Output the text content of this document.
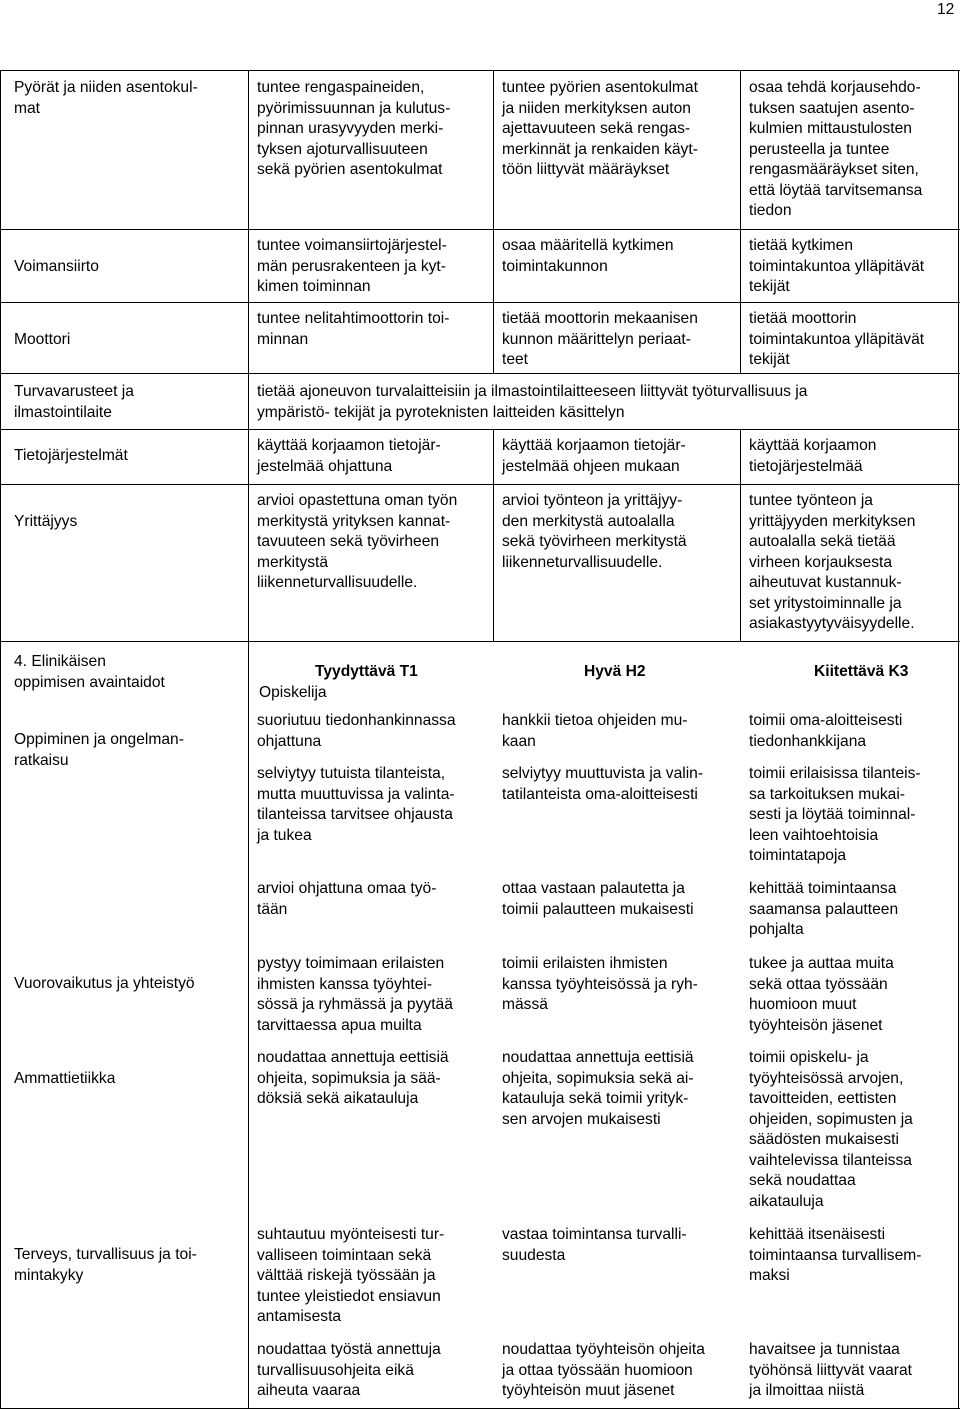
12
Pyörät ja niiden asentokul-
mat
tuntee rengaspaineiden,
pyörimissuunnan ja kulutus-
pinnan urasyvyyden merki-
tyksen ajoturvallisuuteen
sekä pyörien asentokulmat
tuntee pyörien asentokulmat
ja niiden merkityksen auton
ajettavuuteen sekä rengas-
merkinnät ja renkaiden käyt-
töön liittyvät määräykset
osaa tehdä korjausehdo-
tuksen saatujen asento-
kulmien mittaustulosten
perusteella ja tuntee
rengasmääräykset siten,
että löytää tarvitsemansa
tiedon
Voimansiirto
tuntee voimansiirtojärjestel-
män perusrakenteen ja kyt-
kimen toiminnan
osaa määritellä kytkimen
toimintakunnon
tietää kytkimen
toimintakuntoa ylläpitävät
tekijät
Moottori
tuntee nelitahtimoottorin toi-
minnan
tietää moottorin mekaanisen
kunnon määrittelyn periaat-
teet
tietää moottorin
toimintakuntoa ylläpitävät
tekijät
Turvavarusteet ja
ilmastointilaite
tietää ajoneuvon turvalaitteisiin ja ilmastointilaitteeseen liittyvät työturvallisuus ja
ympäristö- tekijät ja pyroteknisten laitteiden käsittelyn
Tietojärjestelmät
käyttää korjaamon tietojär-
jestelmää ohjattuna
käyttää korjaamon tietojär-
jestelmää ohjeen mukaan
käyttää korjaamon
tietojärjestelmää
Yrittäjyys
arvioi opastettuna oman työn
merkitystä yrityksen kannat-
tavuuteen sekä työvirheen
merkitystä
liikenneturvallisuudelle.
arvioi työnteon ja yrittäjyy-
den merkitystä autoalalla
sekä työvirheen merkitystä
liikenneturvallisuudelle.
tuntee työnteon ja
yrittäjyyden merkityksen
autoalalla sekä tietää
virheen korjauksesta
aiheutuvat kustannuk-
set yritystoiminnalle ja
asiakastyytyväisyydelle.
4. Elinikäisen
oppimisen avaintaidot
Tyydyttävä T1	Hyvä H2	Kiitettävä K3
Opiskelija
Oppiminen ja ongelman-
ratkaisu
suoriutuu tiedonhankinnassa
ohjattuna
hankkii tietoa ohjeiden mu-
kaan
toimii oma-aloitteisesti
tiedonhankkijana
selviytyy tutuista tilanteista,
mutta muuttuvissa ja valinta-
tilanteissa tarvitsee ohjausta
ja tukea
selviytyy muuttuvista ja valin-
tatilanteista oma-aloitteisesti
toimii erilaisissa tilanteis-
sa tarkoituksen mukai-
sesti ja löytää toiminnal-
leen vaihtoehtoisia
toimintatapoja
arvioi ohjattuna omaa työ-
tään
ottaa vastaan palautetta ja
toimii palautteen mukaisesti
kehittää toimintaansa
saamansa palautteen
pohjalta
Vuorovaikutus ja yhteistyö
pystyy toimimaan erilaisten
ihmisten kanssa työyhtei-
sössä ja ryhmässä ja pyytää
tarvittaessa apua muilta
toimii erilaisten ihmisten
kanssa työyhteisössä ja ryh-
mässä
tukee ja auttaa muita
sekä ottaa työssään
huomioon muut
työyhteisön jäsenet
Ammattietiikka
noudattaa annettuja eettisiä
ohjeita, sopimuksia ja sää-
döksiä sekä aikatauluja
noudattaa annettuja eettisiä
ohjeita, sopimuksia sekä ai-
katauluja sekä toimii yrityk-
sen arvojen mukaisesti
toimii opiskelu- ja
työyhteisössä arvojen,
tavoitteiden, eettisten
ohjeiden, sopimusten ja
säädösten mukaisesti
vaihtelevissa tilanteissa
sekä noudattaa
aikatauluja
Terveys, turvallisuus ja toi-
mintakyky
suhtautuu myönteisesti tur-
valliseen toimintaan sekä
välttää riskejä työssään ja
tuntee yleistiedot ensiavun
antamisesta
vastaa toimintansa turvalli-
suudesta
kehittää itsenäisesti
toimintaansa turvallisem-
maksi
noudattaa työstä annettuja
turvallisuusohjeita eikä
aiheuta vaaraa
noudattaa työyhteisön ohjeita
ja ottaa työssään huomioon
työyhteisön muut jäsenet
havaitsee ja tunnistaa
työhönsä liittyvät vaarat
ja ilmoittaa niistä
